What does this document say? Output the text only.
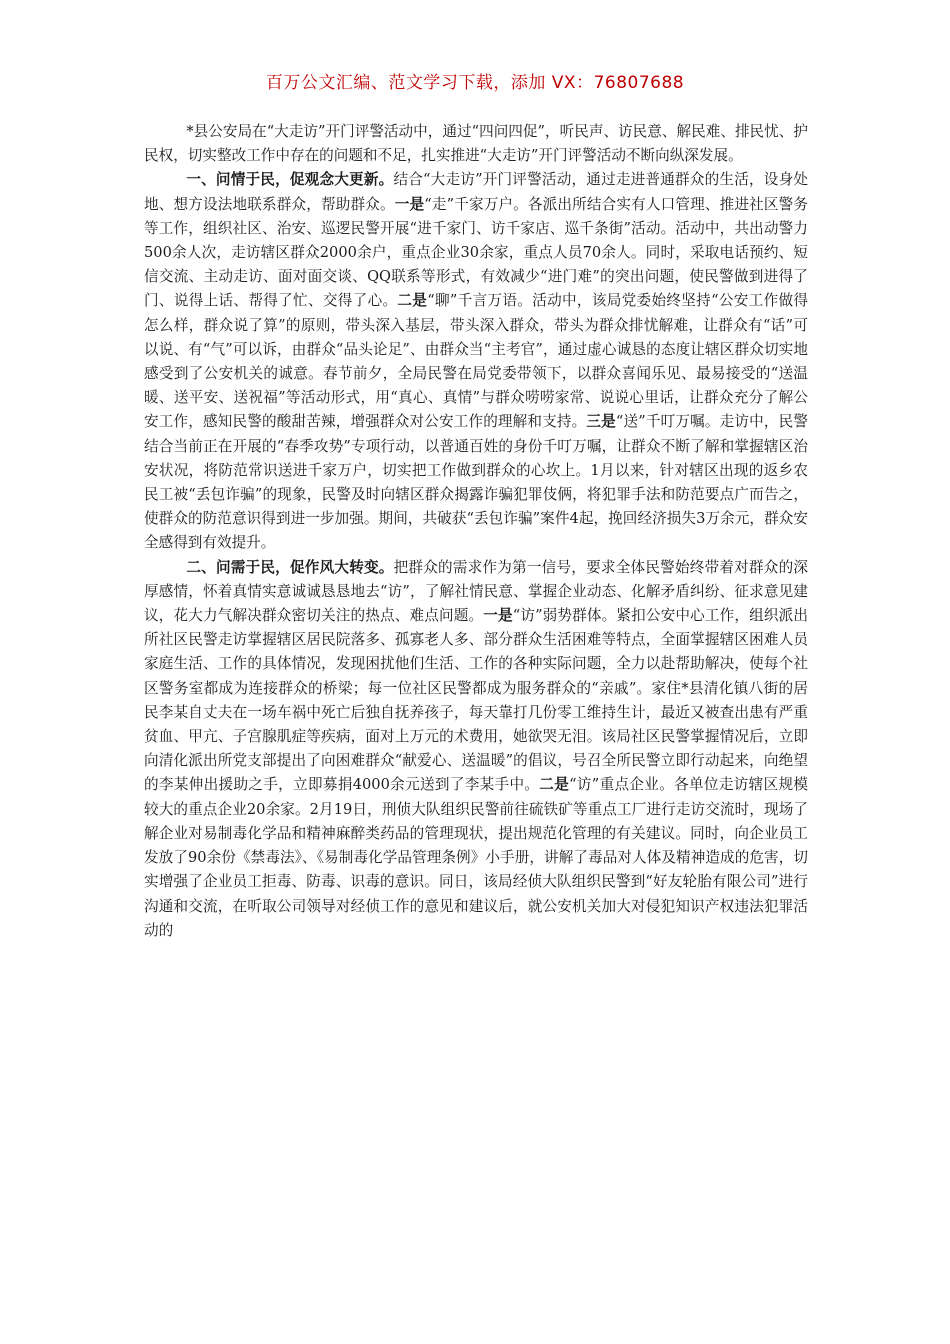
百万公文汇编、范文学习下载，添加 VX：76807688

*县公安局在“大走访”开门评警活动中，通过“四问四促”，听民声、访民意、解民难、排民忧、护民权，切实整改工作中存在的问题和不足，扎实推进“大走访”开门评警活动不断向纵深发展。

一、问情于民，促观念大更新。结合“大走访”开门评警活动，通过走进普通群众的生活，设身处地、想方设法地联系群众，帮助群众。一是“走”千家万户。各派出所结合实有人口管理、推进社区警务等工作，组织社区、治安、巡逻民警开展“进千家门、访千家店、巡千条街”活动。活动中，共出动警力500余人次，走访辖区群众2000余户，重点企业30余家，重点人员70余人。同时，采取电话预约、短信交流、主动走访、面对面交谈、QQ联系等形式，有效减少“进门难”的突出问题，使民警做到进得了门、说得上话、帮得了忙、交得了心。二是“聊”千言万语。活动中，该局党委始终坚持“公安工作做得怎么样，群众说了算”的原则，带头深入基层，带头深入群众，带头为群众排忧解难，让群众有“话”可以说、有“气”可以诉，由群众“品头论足”、由群众当“主考官”，通过虚心诚恳的态度让辖区群众切实地感受到了公安机关的诚意。春节前夕，全局民警在局党委带领下，以群众喜闻乐见、最易接受的“送温暖、送平安、送祝福”等活动形式，用“真心、真情”与群众唠唠家常、说说心里话，让群众充分了解公安工作，感知民警的酸甜苦辣，增强群众对公安工作的理解和支持。三是“送”千叮万嘱。走访中，民警结合当前正在开展的“春季攻势”专项行动，以普通百姓的身份千叮万嘱，让群众不断了解和掌握辖区治安状况，将防范常识送进千家万户，切实把工作做到群众的心坎上。1月以来，针对辖区出现的返乡农民工被“丢包诈骗”的现象，民警及时向辖区群众揭露诈骗犯罪伎俩，将犯罪手法和防范要点广而告之，使群众的防范意识得到进一步加强。期间，共破获“丢包诈骗”案件4起，挽回经济损失3万余元，群众安全感得到有效提升。

二、问需于民，促作风大转变。把群众的需求作为第一信号，要求全体民警始终带着对群众的深厚感情，怀着真情实意诚诚恳恳地去“访”，了解社情民意、掌握企业动态、化解矛盾纠纷、征求意见建议，花大力气解决群众密切关注的热点、难点问题。一是“访”弱势群体。紧扣公安中心工作，组织派出所社区民警走访掌握辖区居民院落多、孤寡老人多、部分群众生活困难等特点，全面掌握辖区困难人员家庭生活、工作的具体情况，发现困扰他们生活、工作的各种实际问题，全力以赴帮助解决，使每个社区警务室都成为连接群众的桥梁；每一位社区民警都成为服务群众的“亲戚”。家住*县清化镇八街的居民李某自丈夫在一场车祸中死亡后独自抚养孩子，每天靠打几份零工维持生计，最近又被查出患有严重贫血、甲亢、子宫腺肌症等疾病，面对上万元的术费用，她欲哭无泪。该局社区民警掌握情况后，立即向清化派出所党支部提出了向困难群众“献爱心、送温暖”的倡议，号召全所民警立即行动起来，向绝望的李某伸出援助之手，立即募捐4000余元送到了李某手中。二是“访”重点企业。各单位走访辖区规模较大的重点企业20余家。2月19日，刑侦大队组织民警前往硫铁矿等重点工厂进行走访交流时，现场了解企业对易制毒化学品和精神麻醉类药品的管理现状，提出规范化管理的有关建议。同时，向企业员工发放了90余份《禁毒法》、《易制毒化学品管理条例》小手册，讲解了毒品对人体及精神造成的危害，切实增强了企业员工拒毒、防毒、识毒的意识。同日，该局经侦大队组织民警到“好友轮胎有限公司”进行沟通和交流，在听取公司领导对经侦工作的意见和建议后，就公安机关加大对侵犯知识产权违法犯罪活动的
